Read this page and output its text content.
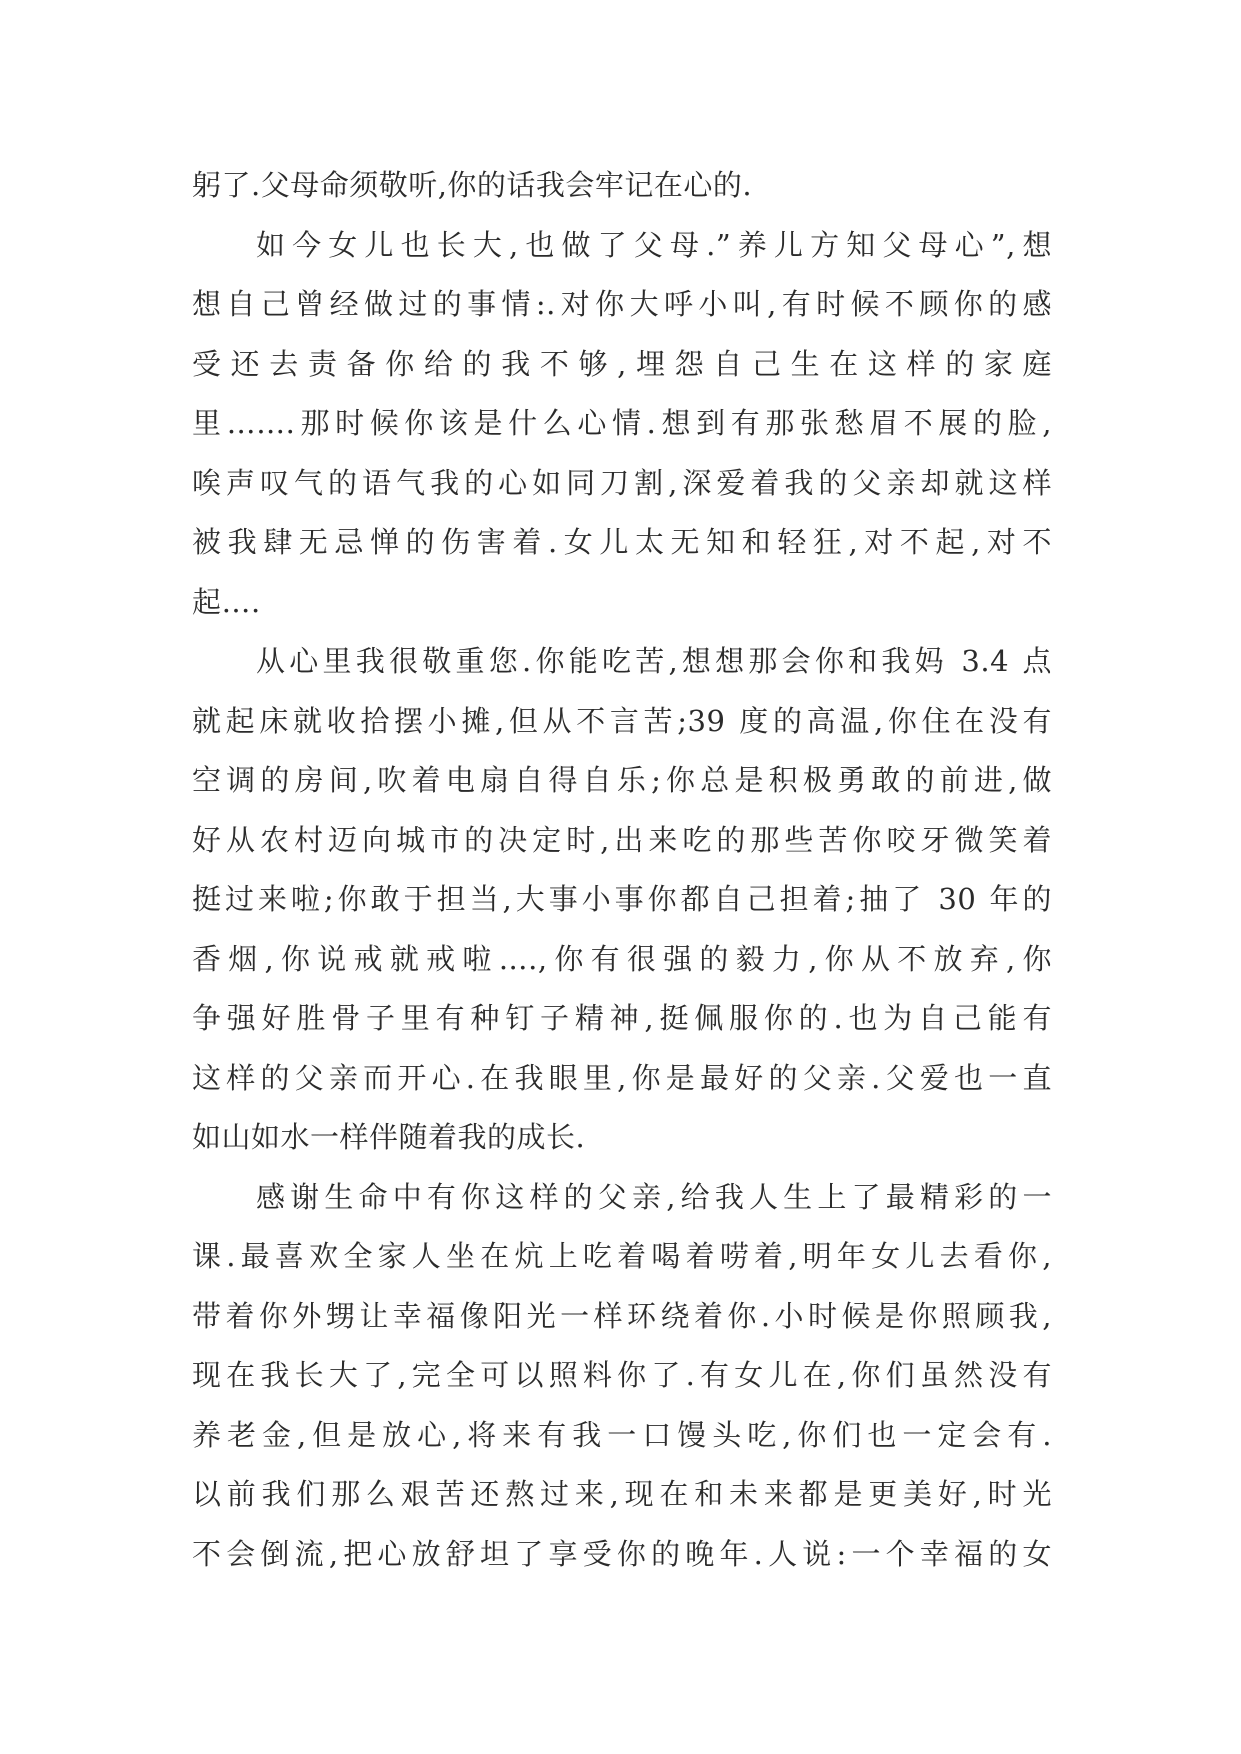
躬了.父母命须敬听,你的话我会牢记在心的.
如今女儿也长大,也做了父母.”养儿方知父母心”,想
想自己曾经做过的事情:.对你大呼小叫,有时候不顾你的感
受还去责备你给的我不够,埋怨自己生在这样的家庭
里…….那时候你该是什么心情.想到有那张愁眉不展的脸,
唉声叹气的语气我的心如同刀割,深爱着我的父亲却就这样
被我肆无忌惮的伤害着.女儿太无知和轻狂,对不起,对不
起….
从心里我很敬重您.你能吃苦,想想那会你和我妈 3.4 点
就起床就收拾摆小摊,但从不言苦;39 度的高温,你住在没有
空调的房间,吹着电扇自得自乐;你总是积极勇敢的前进,做
好从农村迈向城市的决定时,出来吃的那些苦你咬牙微笑着
挺过来啦;你敢于担当,大事小事你都自己担着;抽了 30 年的
香烟,你说戒就戒啦….,你有很强的毅力,你从不放弃,你
争强好胜骨子里有种钉子精神,挺佩服你的.也为自己能有
这样的父亲而开心.在我眼里,你是最好的父亲.父爱也一直
如山如水一样伴随着我的成长.
感谢生命中有你这样的父亲,给我人生上了最精彩的一
课.最喜欢全家人坐在炕上吃着喝着唠着,明年女儿去看你,
带着你外甥让幸福像阳光一样环绕着你.小时候是你照顾我,
现在我长大了,完全可以照料你了.有女儿在,你们虽然没有
养老金,但是放心,将来有我一口馒头吃,你们也一定会有.
以前我们那么艰苦还熬过来,现在和未来都是更美好,时光
不会倒流,把心放舒坦了享受你的晚年.人说:一个幸福的女
